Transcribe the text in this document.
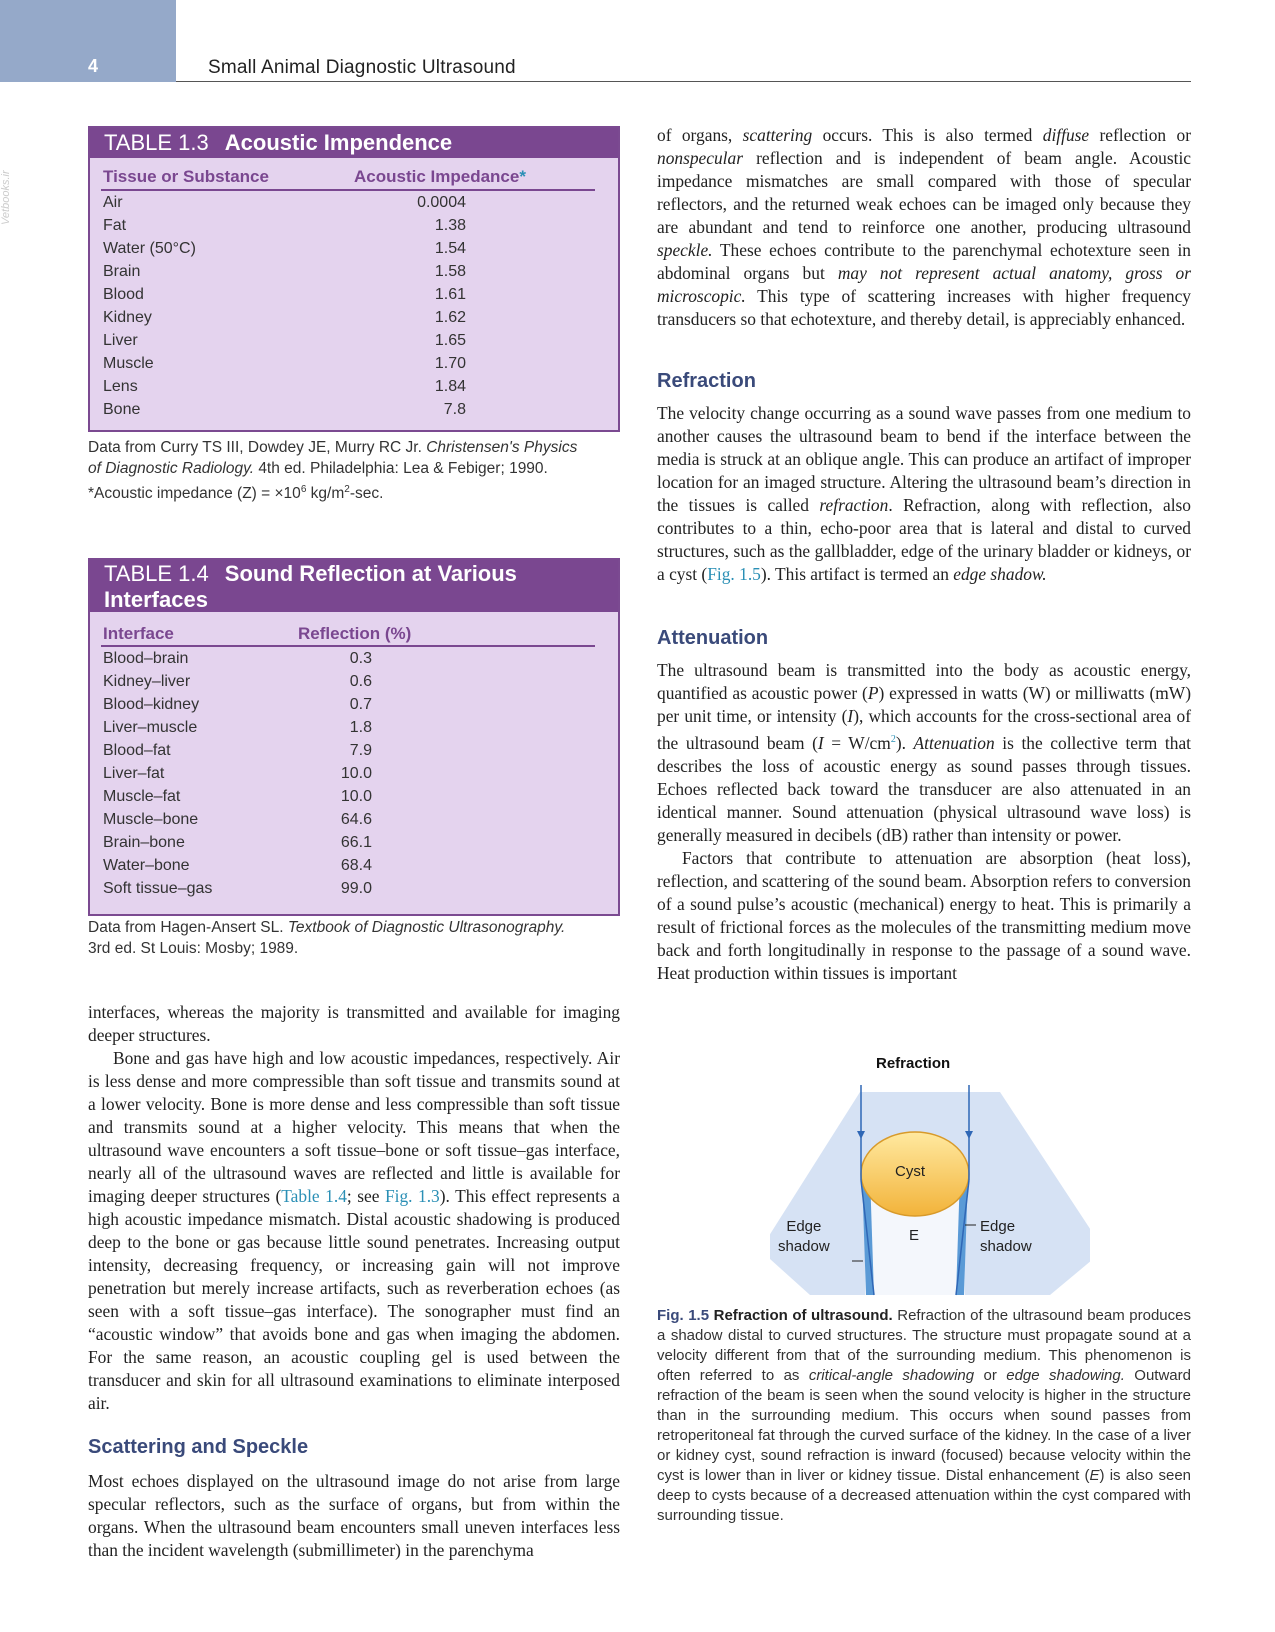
4	Small Animal Diagnostic Ultrasound
Vetbooks.ir
TABLE 1.3 Acoustic Impendence
Tissue or Substance	Acoustic Impedance*
Air	0.0004
Fat	1.38
Water (50°C)	1.54
Brain	1.58
Blood	1.61
Kidney	1.62
Liver	1.65
Muscle	1.70
Lens	1.84
Bone	7.8
Data from Curry TS III, Dowdey JE, Murry RC Jr. Christensen's Physics
of Diagnostic Radiology. 4th ed. Philadelphia: Lea & Febiger; 1990.
*Acoustic impedance $(Z) = \times 10^6$ $kg/m^2-\sec$.
TABLE 1.4 Sound Reflection at Various
Interfaces
Interface	Reflection (%)
Blood–brain	0.3
Kidney–liver	0.6
Blood–kidney	0.7
Liver–muscle	1.8
Blood–fat	7.9
Liver–fat	10.0
Muscle–fat	10.0
Muscle–bone	64.6
Brain–bone	66.1
Water–bone	68.4
Soft tissue–gas	99.0
Data from Hagen-Ansert SL. Textbook of Diagnostic Ultrasonography.
3rd ed. St Louis: Mosby; 1989.

interfaces, whereas the majority is transmitted and available for imaging deeper structures.

Bone and gas have high and low acoustic impedances, respectively. Air is less dense and more compressible than soft tissue and transmits sound at a lower velocity. Bone is more dense and less compressible than soft tissue and transmits sound at a higher velocity. This means that when the ultrasound wave encounters a soft tissue–bone or soft tissue–gas interface, nearly all of the ultrasound waves are reflected and little is available for imaging deeper structures (Table 1.4; see Fig. 1.3). This effect represents a high acoustic impedance mismatch. Distal acoustic shadowing is produced deep to the bone or gas because little sound penetrates. Increasing output intensity, decreasing frequency, or increasing gain will not improve penetration but merely increase artifacts, such as reverberation echoes (as seen with a soft tissue–gas interface). The sonographer must find an “acoustic window” that avoids bone and gas when imaging the abdomen. For the same reason, an acoustic coupling gel is used between the transducer and skin for all ultrasound examinations to eliminate interposed air.

Scattering and Speckle

Most echoes displayed on the ultrasound image do not arise from large specular reflectors, such as the surface of organs, but from within the organs. When the ultrasound beam encounters small uneven interfaces less than the incident wavelength (submillimeter) in the parenchyma

of organs, scattering occurs. This is also termed diffuse reflection or nonspecular reflection and is independent of beam angle. Acoustic impedance mismatches are small compared with those of specular reflectors, and the returned weak echoes can be imaged only because they are abundant and tend to reinforce one another, producing ultrasound speckle. These echoes contribute to the parenchymal echotexture seen in abdominal organs but may not represent actual anatomy, gross or microscopic. This type of scattering increases with higher frequency transducers so that echotexture, and thereby detail, is appreciably enhanced.

Refraction

The velocity change occurring as a sound wave passes from one medium to another causes the ultrasound beam to bend if the interface between the media is struck at an oblique angle. This can produce an artifact of improper location for an imaged structure. Altering the ultrasound beam’s direction in the tissues is called refraction. Refraction, along with reflection, also contributes to a thin, echo-poor area that is lateral and distal to curved structures, such as the gallbladder, edge of the urinary bladder or kidneys, or a cyst (Fig. 1.5). This artifact is termed an edge shadow.

Attenuation

The ultrasound beam is transmitted into the body as acoustic energy, quantified as acoustic power (P) expressed in watts (W) or milliwatts (mW) per unit time, or intensity (I), which accounts for the cross-sectional area of the ultrasound beam $(I = W/cm^2)$. Attenuation is the collective term that describes the loss of acoustic energy as sound passes through tissues. Echoes reflected back toward the transducer are also attenuated in an identical manner. Sound attenuation (physical ultrasound wave loss) is generally measured in decibels (dB) rather than intensity or power.

Factors that contribute to attenuation are absorption (heat loss), reflection, and scattering of the sound beam. Absorption refers to conversion of a sound pulse’s acoustic (mechanical) energy to heat. This is primarily a result of frictional forces as the molecules of the transmitting medium move back and forth longitudinally in response to the passage of a sound wave. Heat production within tissues is important

Refraction
Cyst
E
Edge
shadow
Edge
shadow
Fig. 1.5 Refraction of ultrasound. Refraction of the ultrasound beam produces a shadow distal to curved structures. The structure must propagate sound at a velocity different from that of the surrounding medium. This phenomenon is often referred to as critical-angle shadowing or edge shadowing. Outward refraction of the beam is seen when the sound velocity is higher in the structure than in the surrounding medium. This occurs when sound passes from retroperitoneal fat through the curved surface of the kidney. In the case of a liver or kidney cyst, sound refraction is inward (focused) because velocity within the cyst is lower than in liver or kidney tissue. Distal enhancement (E) is also seen deep to cysts because of a decreased attenuation within the cyst compared with surrounding tissue.
